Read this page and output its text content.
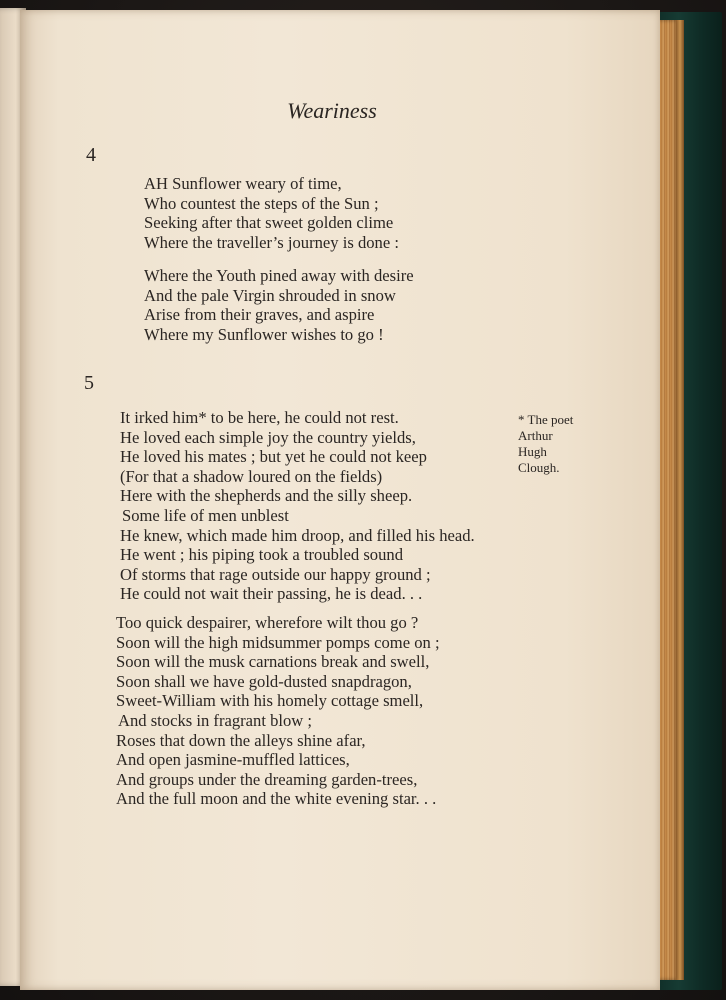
Weariness
4
AH Sunflower weary of time,
Who countest the steps of the Sun ;
Seeking after that sweet golden clime
Where the traveller’s journey is done :
Where the Youth pined away with desire
And the pale Virgin shrouded in snow
Arise from their graves, and aspire
Where my Sunflower wishes to go !
5
It irked him* to be here, he could not rest.
He loved each simple joy the country yields,
He loved his mates ; but yet he could not keep
(For that a shadow loured on the fields)
Here with the shepherds and the silly sheep.
Some life of men unblest
He knew, which made him droop, and filled his head.
He went ; his piping took a troubled sound
Of storms that rage outside our happy ground ;
He could not wait their passing, he is dead. . .
* The poet
Arthur
Hugh
Clough.
Too quick despairer, wherefore wilt thou go ?
Soon will the high midsummer pomps come on ;
Soon will the musk carnations break and swell,
Soon shall we have gold-dusted snapdragon,
Sweet-William with his homely cottage smell,
And stocks in fragrant blow ;
Roses that down the alleys shine afar,
And open jasmine-muffled lattices,
And groups under the dreaming garden-trees,
And the full moon and the white evening star. . .
